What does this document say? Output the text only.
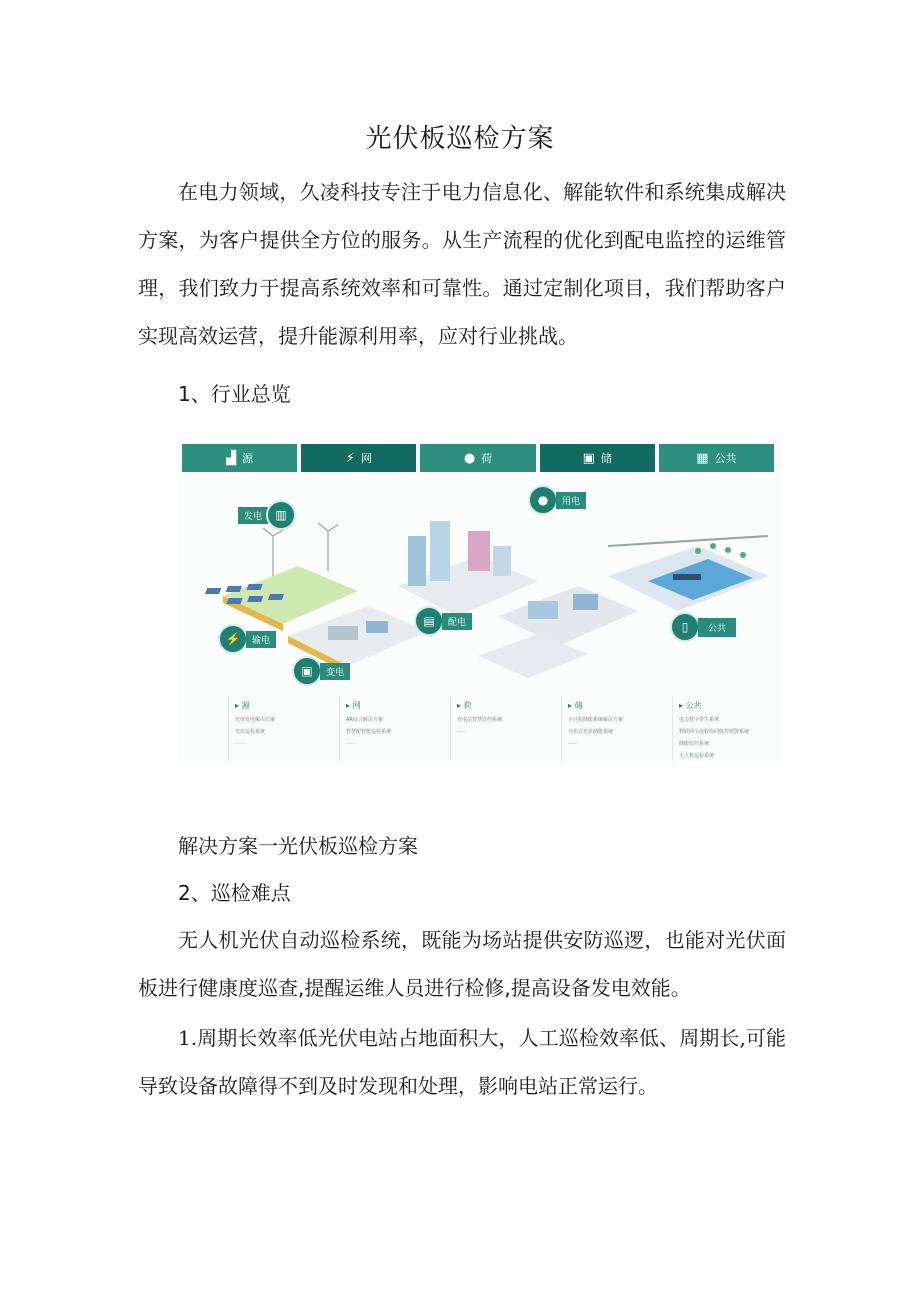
光伏板巡检方案

在电力领域，久凌科技专注于电力信息化、解能软件和系统集成解决方案，为客户提供全方位的服务。从生产流程的优化到配电监控的运维管理，我们致力于提高系统效率和可靠性。通过定制化项目，我们帮助客户实现高效运营，提升能源利用率，应对行业挑战。

1、行业总览
▟ 源	⚡ 网	● 荷	▣ 储	▦ 公共
发电	▥
⚡	输电
▣	变电
▤	配电
●	用电
▯	公共
▸ 源
光伏发电解决方案
光伏巡检系统
……
▸ 网
AR综合解决方案
智慧配智能巡检系统
……
▸ 荷
充电站智慧管控系统
……
▸ 储
全过程储能系统解决方案
分布式光伏储能系统
……
▸ 公共
电力数字孪生系统
物联网全流程协同监控预警系统
储能监控系统
无人机巡检系统
解决方案一光伏板巡检方案
2、巡检难点

无人机光伏自动巡检系统，既能为场站提供安防巡逻，也能对光伏面板进行健康度巡查,提醒运维人员进行检修,提高设备发电效能。

1.周期长效率低光伏电站占地面积大，人工巡检效率低、周期长,可能导致设备故障得不到及时发现和处理，影响电站正常运行。
